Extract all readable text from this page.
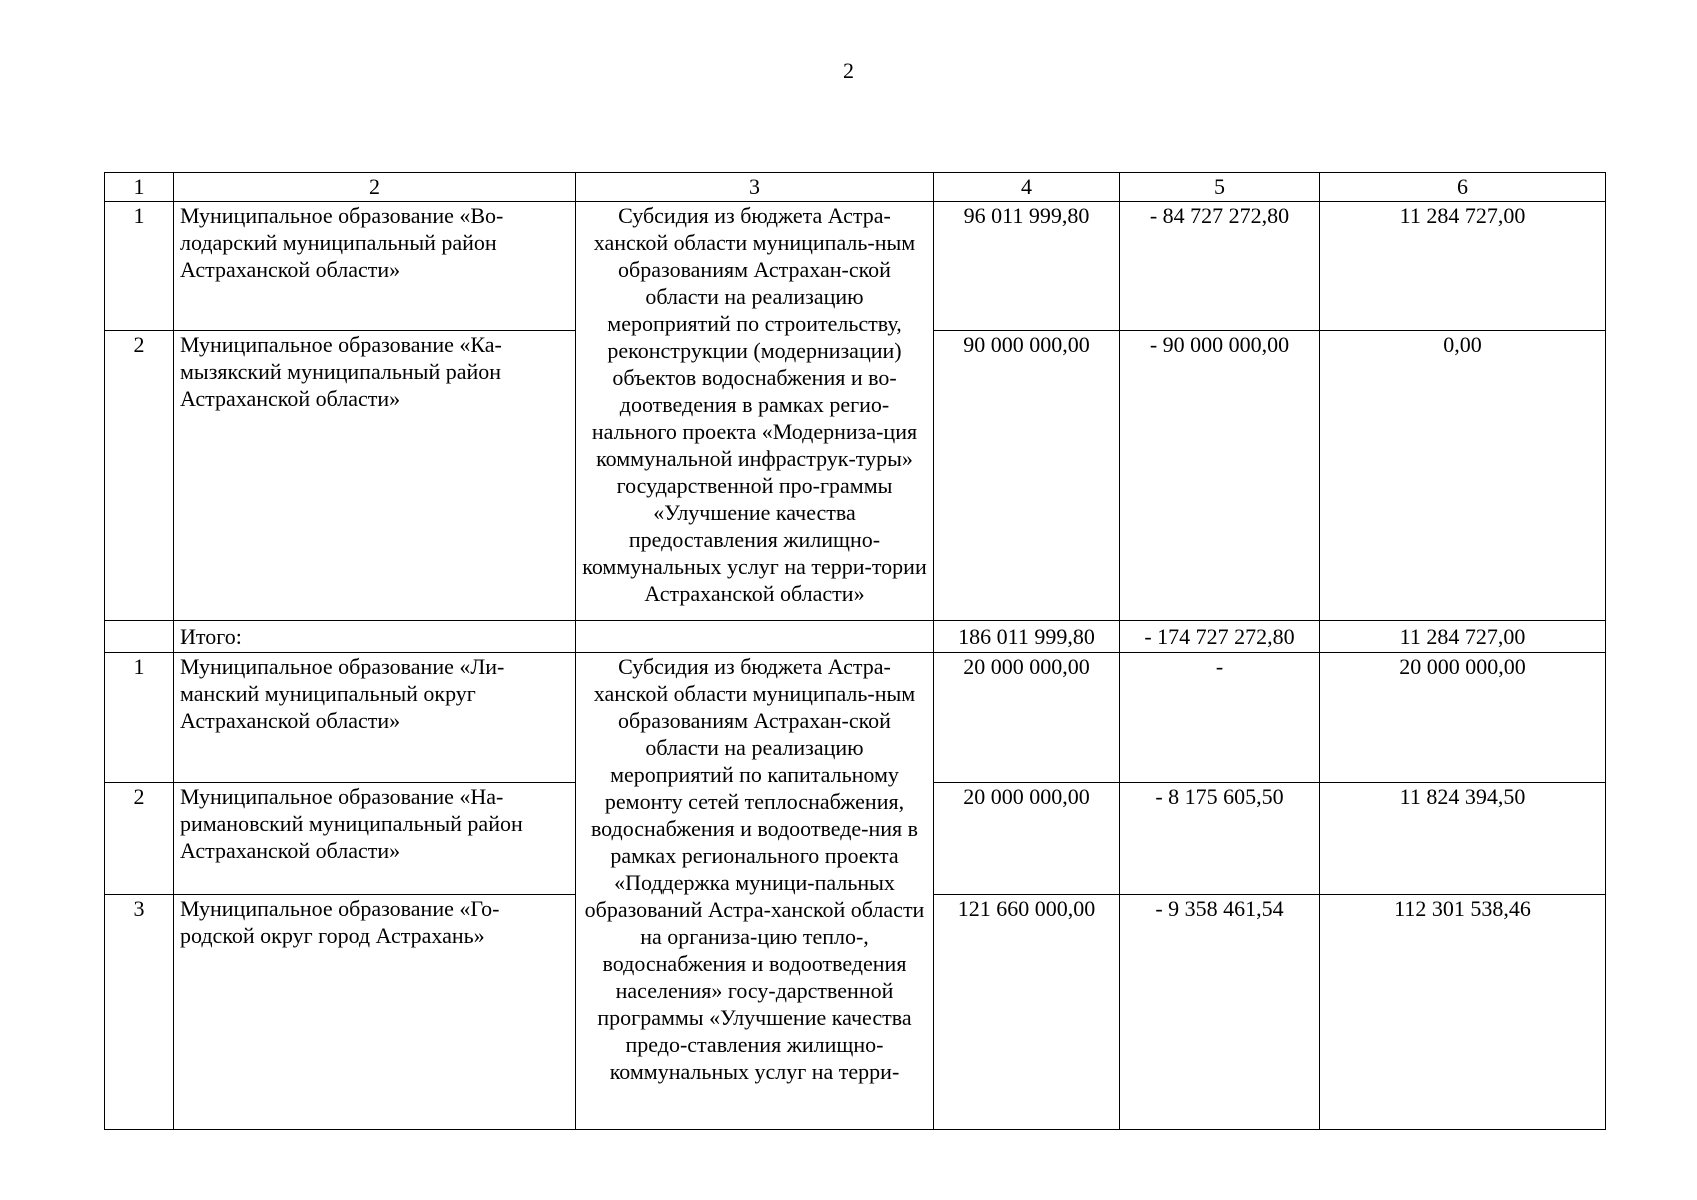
2
1	2	3	4	5	6
1	Муниципальное образование «Во-лодарский муниципальный район Астраханской области»	Субсидия из бюджета Астра-ханской области муниципаль-ным образованиям Астрахан-ской области на реализацию мероприятий по строительству, реконструкции (модернизации) объектов водоснабжения и во-доотведения в рамках регио-нального проекта «Модерниза-ция коммунальной инфраструк-туры» государственной про-граммы «Улучшение качества предоставления жилищно-коммунальных услуг на терри-тории Астраханской области»	96 011 999,80	- 84 727 272,80	11 284 727,00
2	Муниципальное образование «Ка-мызякский муниципальный район Астраханской области»		90 000 000,00	- 90 000 000,00	0,00
	Итого:		186 011 999,80	- 174 727 272,80	11 284 727,00
1	Муниципальное образование «Ли-манский муниципальный округ Астраханской области»	Субсидия из бюджета Астра-ханской области муниципаль-ным образованиям Астрахан-ской области на реализацию мероприятий по капитальному ремонту сетей теплоснабжения, водоснабжения и водоотведе-ния в рамках регионального проекта «Поддержка муници-пальных образований Астра-ханской области на организа-цию тепло-, водоснабжения и водоотведения населения» госу-дарственной программы «Улучшение качества предо-ставления жилищно-коммунальных услуг на терри-	20 000 000,00	-	20 000 000,00
2	Муниципальное образование «На-римановский муниципальный район Астраханской области»		20 000 000,00	- 8 175 605,50	11 824 394,50
3	Муниципальное образование «Го-родской округ город Астрахань»		121 660 000,00	- 9 358 461,54	112 301 538,46
